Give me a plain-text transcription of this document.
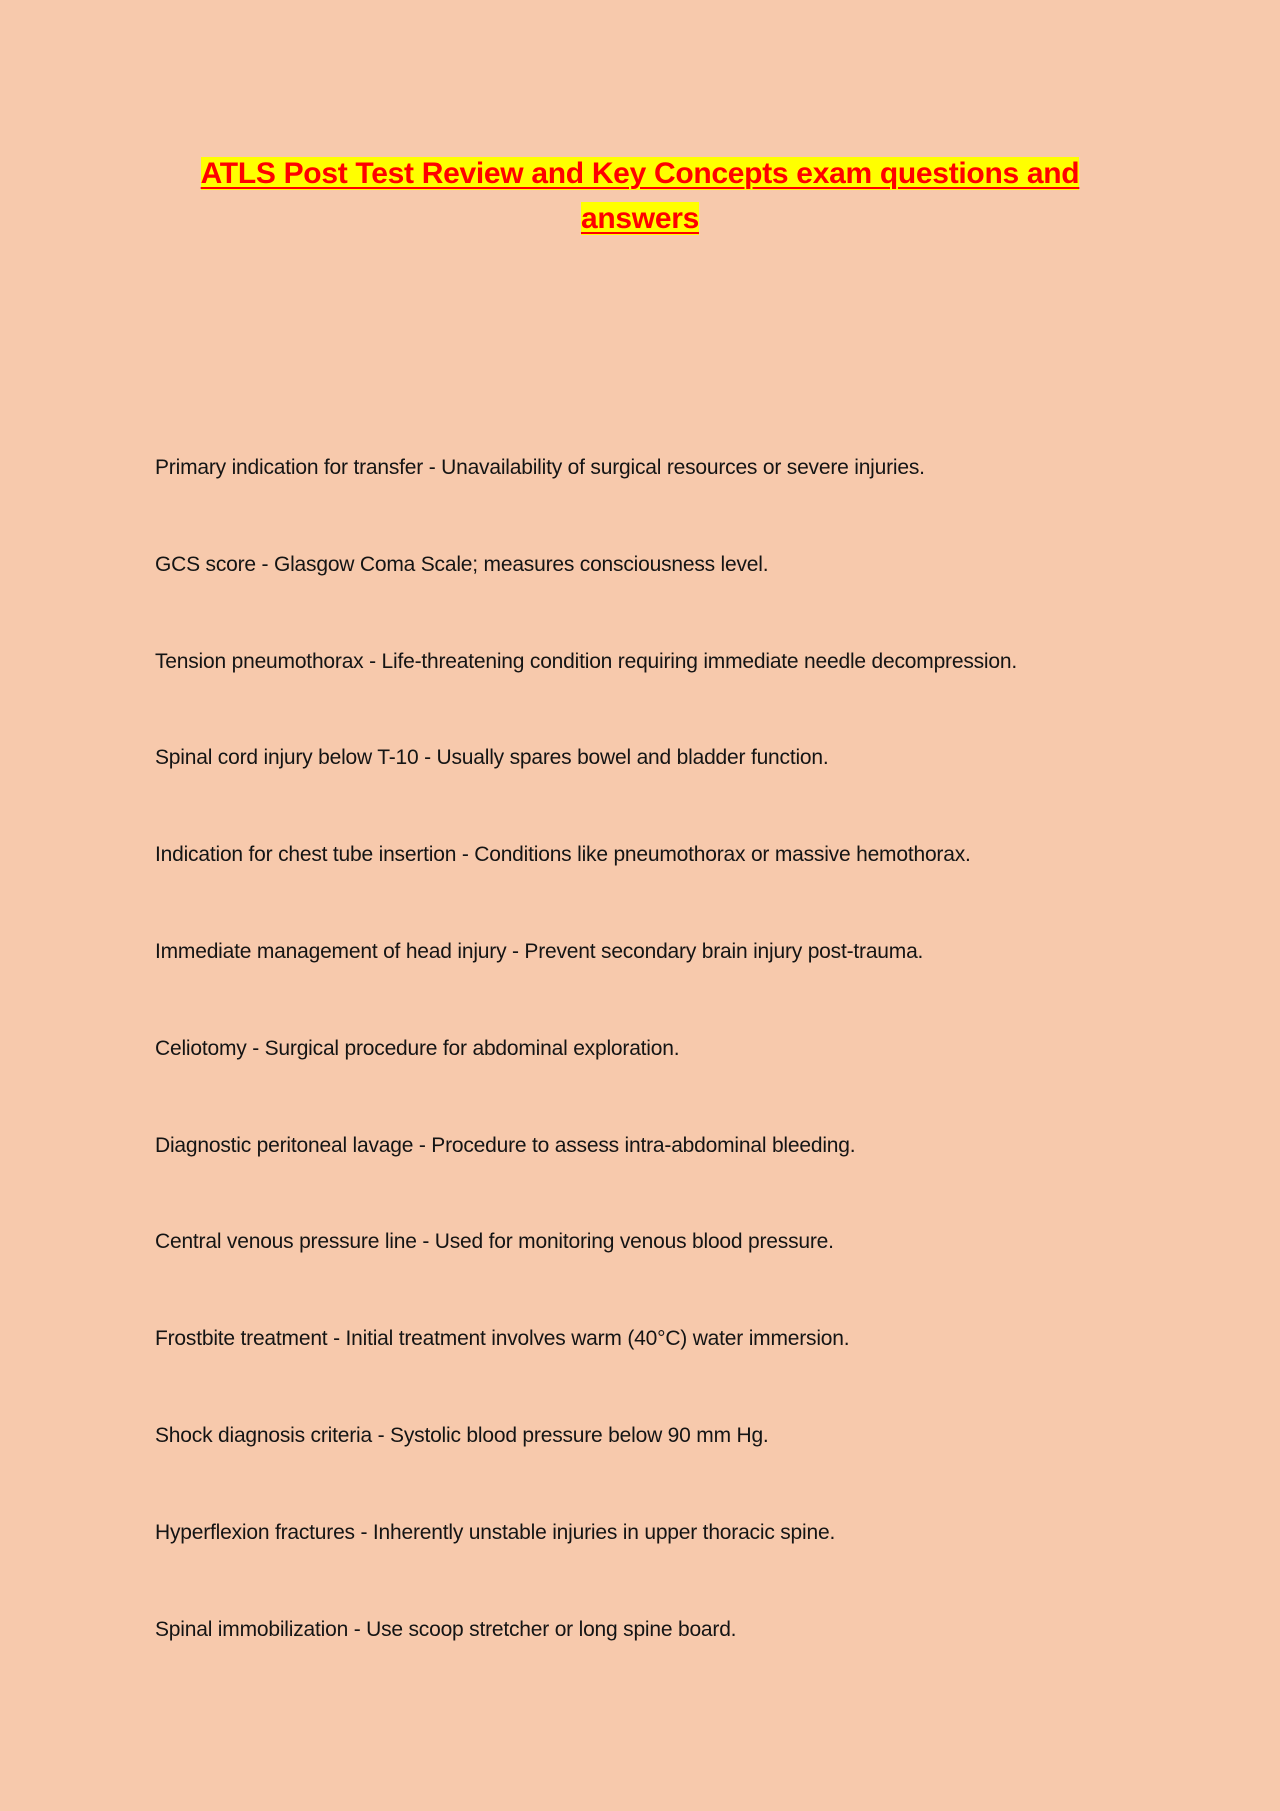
ATLS Post Test Review and Key Concepts exam questions and answers
Primary indication for transfer - Unavailability of surgical resources or severe injuries.
GCS score - Glasgow Coma Scale; measures consciousness level.
Tension pneumothorax - Life-threatening condition requiring immediate needle decompression.
Spinal cord injury below T-10 - Usually spares bowel and bladder function.
Indication for chest tube insertion - Conditions like pneumothorax or massive hemothorax.
Immediate management of head injury - Prevent secondary brain injury post-trauma.
Celiotomy - Surgical procedure for abdominal exploration.
Diagnostic peritoneal lavage - Procedure to assess intra-abdominal bleeding.
Central venous pressure line - Used for monitoring venous blood pressure.
Frostbite treatment - Initial treatment involves warm (40°C) water immersion.
Shock diagnosis criteria - Systolic blood pressure below 90 mm Hg.
Hyperflexion fractures - Inherently unstable injuries in upper thoracic spine.
Spinal immobilization - Use scoop stretcher or long spine board.
